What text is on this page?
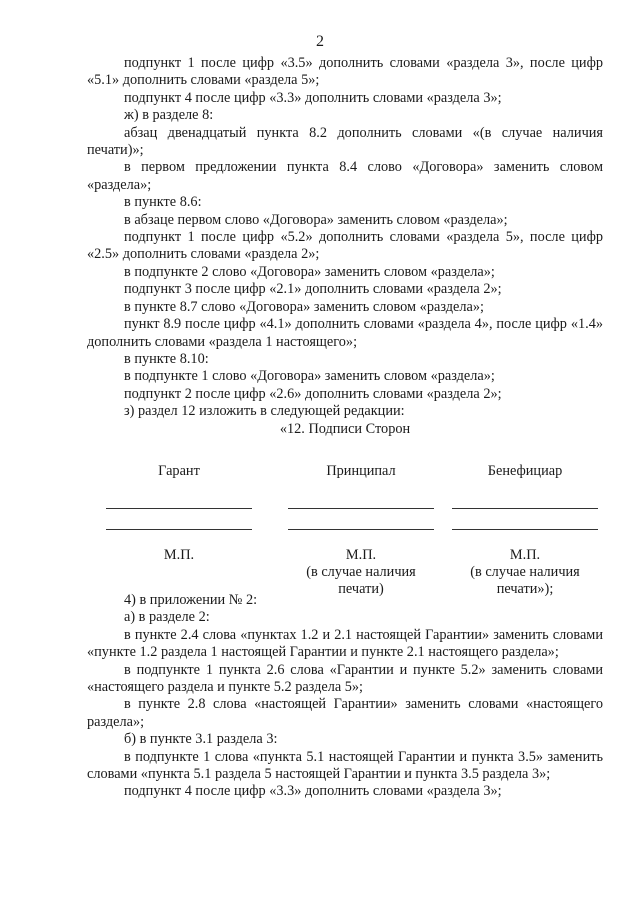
2

подпункт 1 после цифр «3.5» дополнить словами «раздела 3», после цифр «5.1» дополнить словами «раздела 5»;

подпункт 4 после цифр «3.3» дополнить словами «раздела 3»;

ж) в разделе 8:

абзац двенадцатый пункта 8.2 дополнить словами «(в случае наличия печати)»;

в первом предложении пункта 8.4 слово «Договора» заменить словом «раздела»;

в пункте 8.6:

в абзаце первом слово «Договора» заменить словом «раздела»;

подпункт 1 после цифр «5.2» дополнить словами «раздела 5», после цифр «2.5» дополнить словами «раздела 2»;

в подпункте 2 слово «Договора» заменить словом «раздела»;

подпункт 3 после цифр «2.1» дополнить словами «раздела 2»;

в пункте 8.7 слово «Договора» заменить словом «раздела»;

пункт 8.9 после цифр «4.1» дополнить словами «раздела 4», после цифр «1.4» дополнить словами «раздела 1 настоящего»;

в пункте 8.10:

в подпункте 1 слово «Договора» заменить словом «раздела»;

подпункт 2 после цифр «2.6» дополнить словами «раздела 2»;

з) раздел 12 изложить в следующей редакции:

«12. Подписи Сторон

Гарант
М.П.
Принципал
М.П.
(в случае наличия печати)
Бенефициар
М.П.
(в случае наличия печати»);

4) в приложении № 2:

а) в разделе 2:

в пункте 2.4 слова «пунктах 1.2 и 2.1 настоящей Гарантии» заменить словами «пункте 1.2 раздела 1 настоящей Гарантии и пункте 2.1 настоящего раздела»;

в подпункте 1 пункта 2.6 слова «Гарантии и пункте 5.2» заменить словами «настоящего раздела и пункте 5.2 раздела 5»;

в пункте 2.8 слова «настоящей Гарантии» заменить словами «настоящего раздела»;

б) в пункте 3.1 раздела 3:

в подпункте 1 слова «пункта 5.1 настоящей Гарантии и пункта 3.5» заменить словами «пункта 5.1 раздела 5 настоящей Гарантии и пункта 3.5 раздела 3»;

подпункт 4 после цифр «3.3» дополнить словами «раздела 3»;
